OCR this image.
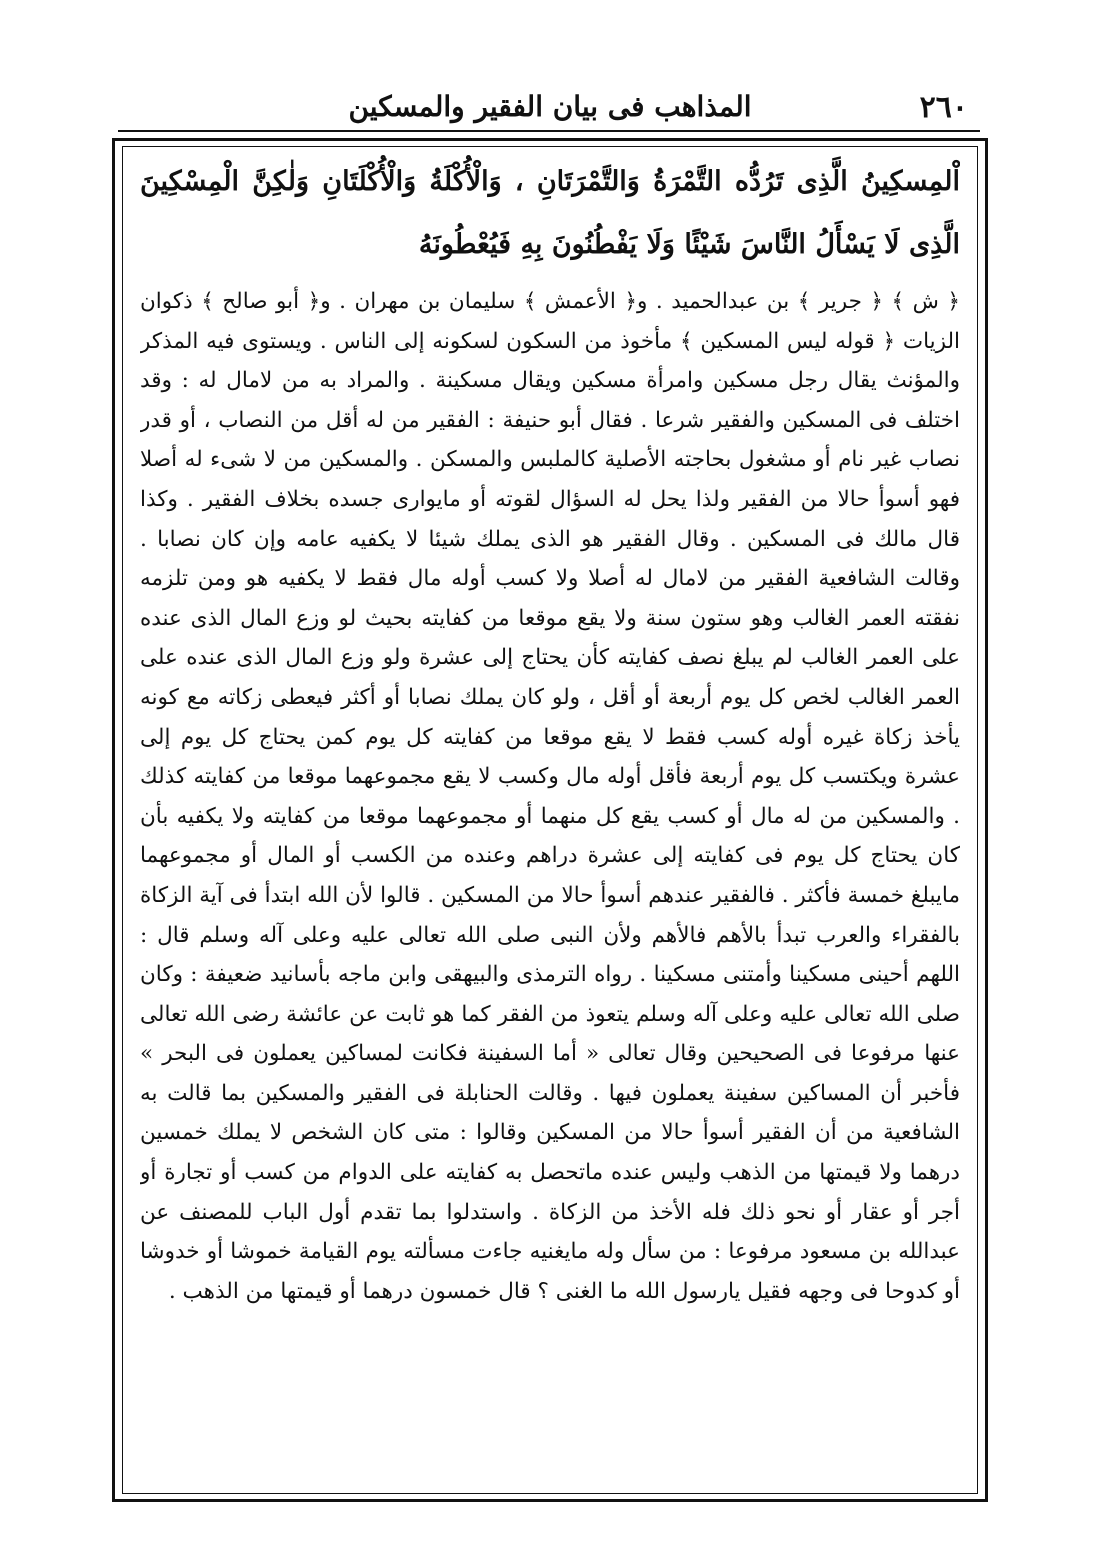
٢٦٠
المذاهب فى بيان الفقير والمسكين

اْلمِسكِينُ الَّذِى تَرُدُّه التَّمْرَةُ وَالتَّمْرَتَانِ ، وَالْأُكْلَةُ وَالْأُكْلَتَانِ وَلٰكِنَّ الْمِسْكِينَ الَّذِى لَا يَسْأَلُ النَّاسَ شَيْئًا وَلَا يَفْطُنُونَ بِهِ فَيُعْطُونَهُ

﴿ ش ﴾ ﴿ جرير ﴾ بن عبدالحميد . و﴿ الأعمش ﴾ سليمان بن مهران . و﴿ أبو صالح ﴾ ذكوان الزيات ﴿ قوله ليس المسكين ﴾ مأخوذ من السكون لسكونه إلى الناس . ويستوى فيه المذكر والمؤنث يقال رجل مسكين وامرأة مسكين ويقال مسكينة . والمراد به من لامال له : وقد اختلف فى المسكين والفقير شرعا . فقال أبو حنيفة : الفقير من له أقل من النصاب ، أو قدر نصاب غير نام أو مشغول بحاجته الأصلية كالملبس والمسكن . والمسكين من لا شىء له أصلا فهو أسوأ حالا من الفقير ولذا يحل له السؤال لقوته أو مايوارى جسده بخلاف الفقير . وكذا قال مالك فى المسكين . وقال الفقير هو الذى يملك شيئا لا يكفيه عامه وإن كان نصابا . وقالت الشافعية الفقير من لامال له أصلا ولا كسب أوله مال فقط لا يكفيه هو ومن تلزمه نفقته العمر الغالب وهو ستون سنة ولا يقع موقعا من كفايته بحيث لو وزع المال الذى عنده على العمر الغالب لم يبلغ نصف كفايته كأن يحتاج إلى عشرة ولو وزع المال الذى عنده على العمر الغالب لخص كل يوم أربعة أو أقل ، ولو كان يملك نصابا أو أكثر فيعطى زكاته مع كونه يأخذ زكاة غيره أوله كسب فقط لا يقع موقعا من كفايته كل يوم كمن يحتاج كل يوم إلى عشرة ويكتسب كل يوم أربعة فأقل أوله مال وكسب لا يقع مجموعهما موقعا من كفايته كذلك . والمسكين من له مال أو كسب يقع كل منهما أو مجموعهما موقعا من كفايته ولا يكفيه بأن كان يحتاج كل يوم فى كفايته إلى عشرة دراهم وعنده من الكسب أو المال أو مجموعهما مايبلغ خمسة فأكثر . فالفقير عندهم أسوأ حالا من المسكين . قالوا لأن الله ابتدأ فى آية الزكاة بالفقراء والعرب تبدأ بالأهم فالأهم ولأن النبى صلى الله تعالى عليه وعلى آله وسلم قال : اللهم أحينى مسكينا وأمتنى مسكينا . رواه الترمذى والبيهقى وابن ماجه بأسانيد ضعيفة : وكان صلى الله تعالى عليه وعلى آله وسلم يتعوذ من الفقر كما هو ثابت عن عائشة رضى الله تعالى عنها مرفوعا فى الصحيحين وقال تعالى « أما السفينة فكانت لمساكين يعملون فى البحر » فأخبر أن المساكين سفينة يعملون فيها . وقالت الحنابلة فى الفقير والمسكين بما قالت به الشافعية من أن الفقير أسوأ حالا من المسكين وقالوا : متى كان الشخص لا يملك خمسين درهما ولا قيمتها من الذهب وليس عنده ماتحصل به كفايته على الدوام من كسب أو تجارة أو أجر أو عقار أو نحو ذلك فله الأخذ من الزكاة . واستدلوا بما تقدم أول الباب للمصنف عن عبدالله بن مسعود مرفوعا : من سأل وله مايغنيه جاءت مسألته يوم القيامة خموشا أو خدوشا أو كدوحا فى وجهه فقيل يارسول الله ما الغنى ؟ قال خمسون درهما أو قيمتها من الذهب .
